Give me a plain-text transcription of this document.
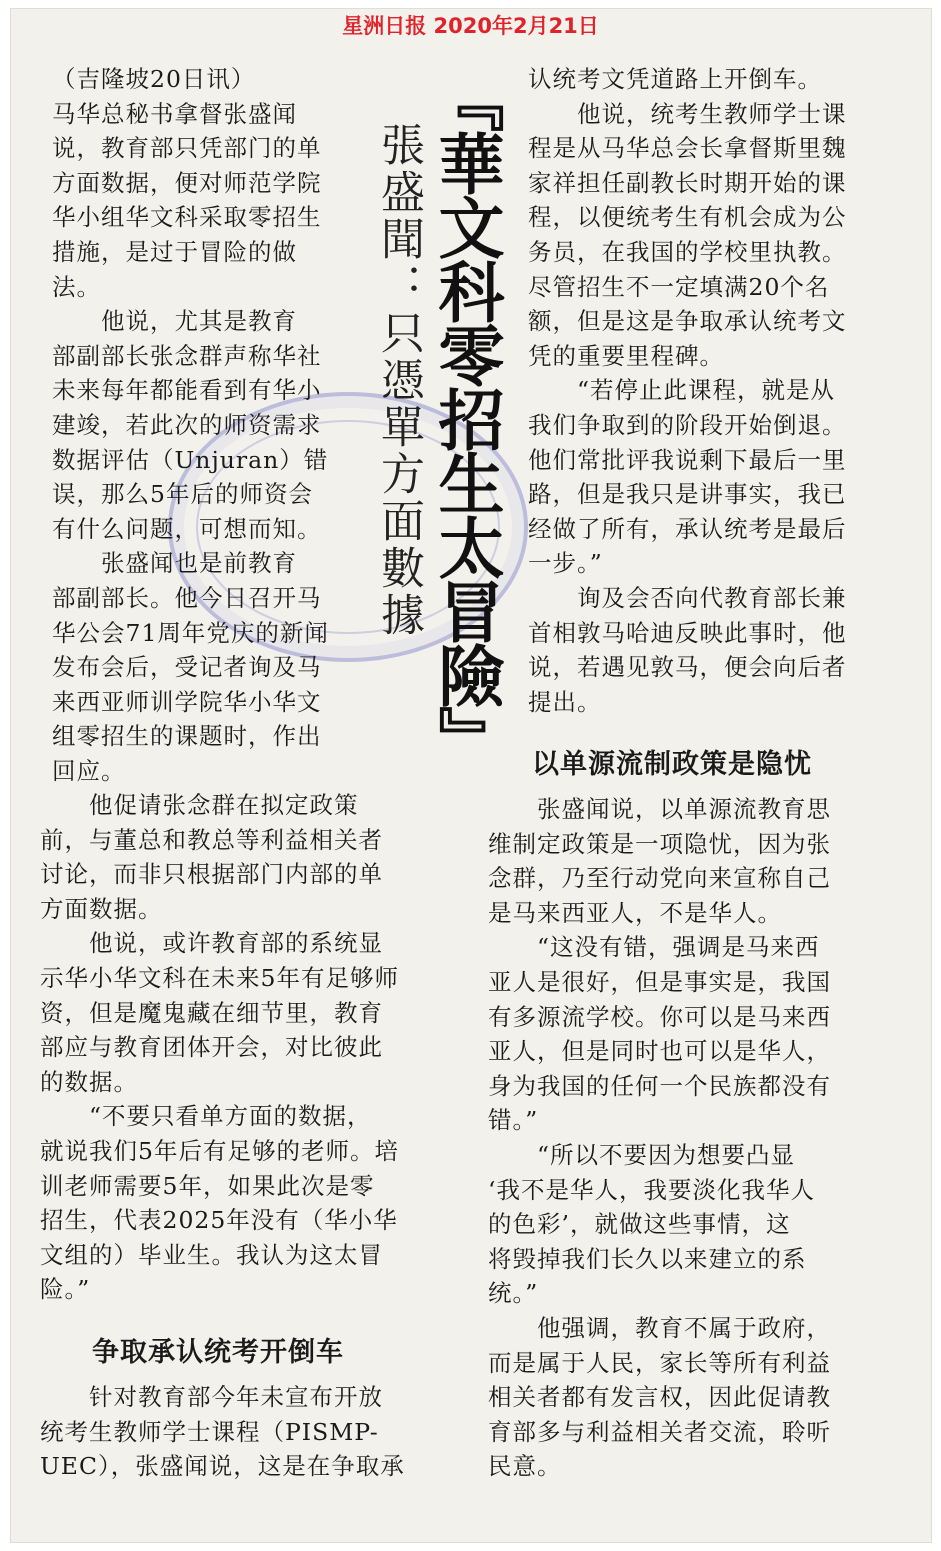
星洲日报 2020年2月21日
『華文科零招生太冒險』
張盛聞：只憑單方面數據

（吉隆坡20日讯）

马华总秘书拿督张盛闻

说，教育部只凭部门的单

方面数据，便对师范学院

华小组华文科采取零招生

措施，是过于冒险的做

法。

　　他说，尤其是教育

部副部长张念群声称华社

未来每年都能看到有华小

建竣，若此次的师资需求

数据评估（Unjuran）错

误，那么5年后的师资会

有什么问题，可想而知。

　　张盛闻也是前教育

部副部长。他今日召开马

华公会71周年党庆的新闻

发布会后，受记者询及马

来西亚师训学院华小华文

组零招生的课题时，作出

回应。

　　他促请张念群在拟定政策

前，与董总和教总等利益相关者

讨论，而非只根据部门内部的单

方面数据。

　　他说，或许教育部的系统显

示华小华文科在未来5年有足够师

资，但是魔鬼藏在细节里，教育

部应与教育团体开会，对比彼此

的数据。

　　“不要只看单方面的数据，

就说我们5年后有足够的老师。培

训老师需要5年，如果此次是零

招生，代表2025年没有（华小华

文组的）毕业生。我认为这太冒

险。”

争取承认统考开倒车

　　针对教育部今年未宣布开放

统考生教师学士课程（PISMP-

UEC），张盛闻说，这是在争取承

认统考文凭道路上开倒车。

　　他说，统考生教师学士课

程是从马华总会长拿督斯里魏

家祥担任副教长时期开始的课

程，以便统考生有机会成为公

务员，在我国的学校里执教。

尽管招生不一定填满20个名

额，但是这是争取承认统考文

凭的重要里程碑。

　　“若停止此课程，就是从

我们争取到的阶段开始倒退。

他们常批评我说剩下最后一里

路，但是我只是讲事实，我已

经做了所有，承认统考是最后

一步。”

　　询及会否向代教育部长兼

首相敦马哈迪反映此事时，他

说，若遇见敦马，便会向后者

提出。

以单源流制政策是隐忧

　　张盛闻说，以单源流教育思

维制定政策是一项隐忧，因为张

念群，乃至行动党向来宣称自己

是马来西亚人，不是华人。

　　“这没有错，强调是马来西

亚人是很好，但是事实是，我国

有多源流学校。你可以是马来西

亚人，但是同时也可以是华人，

身为我国的任何一个民族都没有

错。”

　　“所以不要因为想要凸显

‘我不是华人，我要淡化我华人

的色彩’，就做这些事情，这

将毁掉我们长久以来建立的系

统。”

　　他强调，教育不属于政府，

而是属于人民，家长等所有利益

相关者都有发言权，因此促请教

育部多与利益相关者交流，聆听

民意。
